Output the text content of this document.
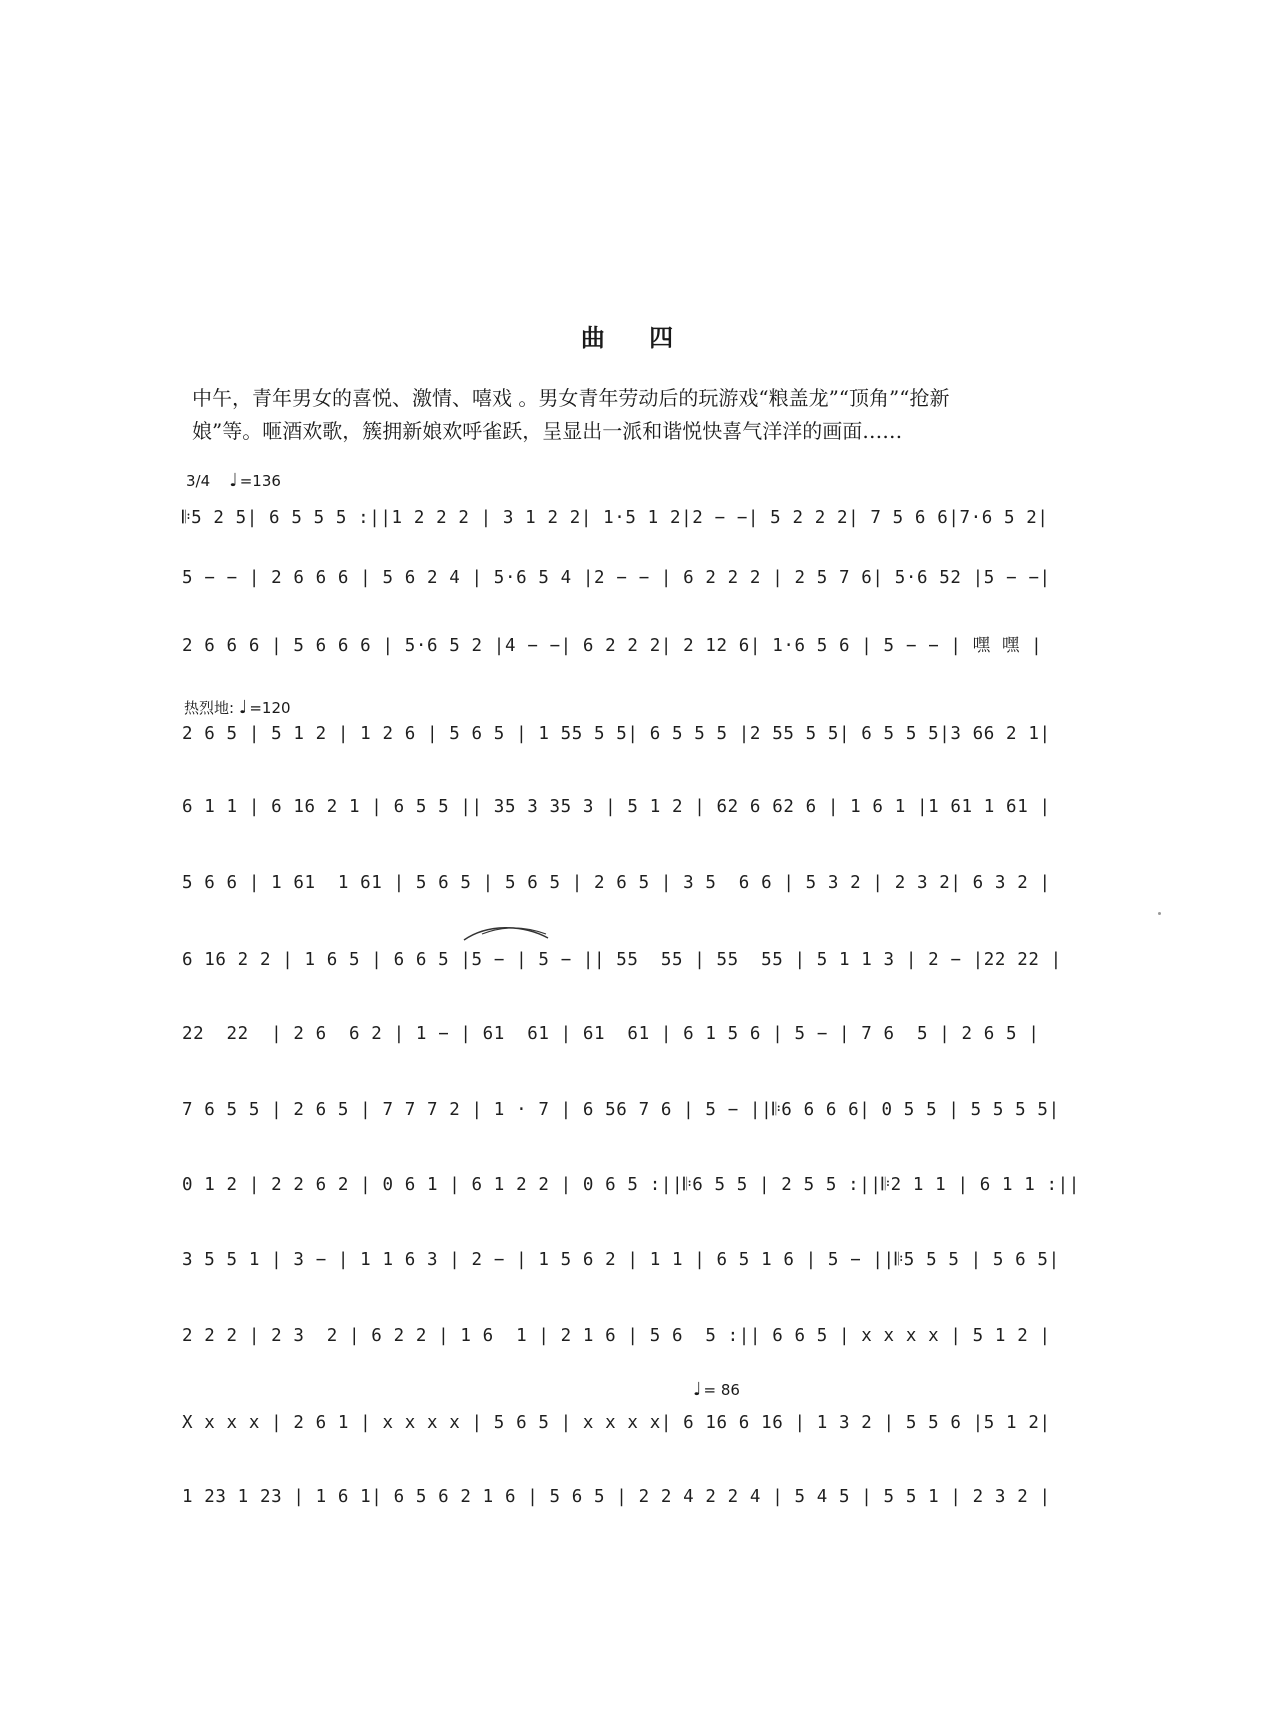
曲 四

中午，青年男女的喜悦、激情、嘻戏 。男女青年劳动后的玩游戏“粮盖龙”“顶角”“抢新

娘”等。咂酒欢歌，簇拥新娘欢呼雀跃，呈显出一派和谐悦快喜气洋洋的画面……

3/4 ♩ =136
热烈地: ♩ =120
♩ = 86
𝄆5 2 5| 6 5 5 5 :||1 2 2 2 | 3 1 2 2| 1·5 1 2|2 − −| 5 2 2 2| 7 5 6 6|7·6 5 2|
5 − − | 2 6 6 6 | 5 6 2 4 | 5·6 5 4 |2 − − | 6 2 2 2 | 2 5 7 6| 5·6 52 |5 − −|
2 6 6 6 | 5 6 6 6 | 5·6 5 2 |4 − −| 6 2 2 2| 2 12 6| 1·6 5 6 | 5 − − | 嘿 嘿 |
2 6 5 | 5 1 2 | 1 2 6 | 5 6 5 | 1 55 5 5| 6 5 5 5 |2 55 5 5| 6 5 5 5|3 66 2 1|
6 1 1 | 6 16 2 1 | 6 5 5 || 35 3 35 3 | 5 1 2 | 62 6 62 6 | 1 6 1 |1 61 1 61 |
5 6 6 | 1 61  1 61 | 5 6 5 | 5 6 5 | 2 6 5 | 3 5  6 6 | 5 3 2 | 2 3 2| 6 3 2 |
6 16 2 2 | 1 6 5 | 6 6 5 |5 − | 5 − || 55  55 | 55  55 | 5 1 1 3 | 2 − |22 22 |
22  22  | 2 6  6 2 | 1 − | 61  61 | 61  61 | 6 1 5 6 | 5 − | 7 6  5 | 2 6 5 |
7 6 5 5 | 2 6 5 | 7 7 7 2 | 1 · 7 | 6 56 7 6 | 5 − ||𝄆6 6 6 6| 0 5 5 | 5 5 5 5|
0 1 2 | 2 2 6 2 | 0 6 1 | 6 1 2 2 | 0 6 5 :||𝄆6 5 5 | 2 5 5 :||𝄆2 1 1 | 6 1 1 :||
3 5 5 1 | 3 − | 1 1 6 3 | 2 − | 1 5 6 2 | 1 1 | 6 5 1 6 | 5 − ||𝄆5 5 5 | 5 6 5|
2 2 2 | 2 3  2 | 6 2 2 | 1 6  1 | 2 1 6 | 5 6  5 :|| 6 6 5 | x x x x | 5 1 2 |
X x x x | 2 6 1 | x x x x | 5 6 5 | x x x x| 6 16 6 16 | 1 3 2 | 5 5 6 |5 1 2|
1 23 1 23 | 1 6 1| 6 5 6 2 1 6 | 5 6 5 | 2 2 4 2 2 4 | 5 4 5 | 5 5 1 | 2 3 2 |
